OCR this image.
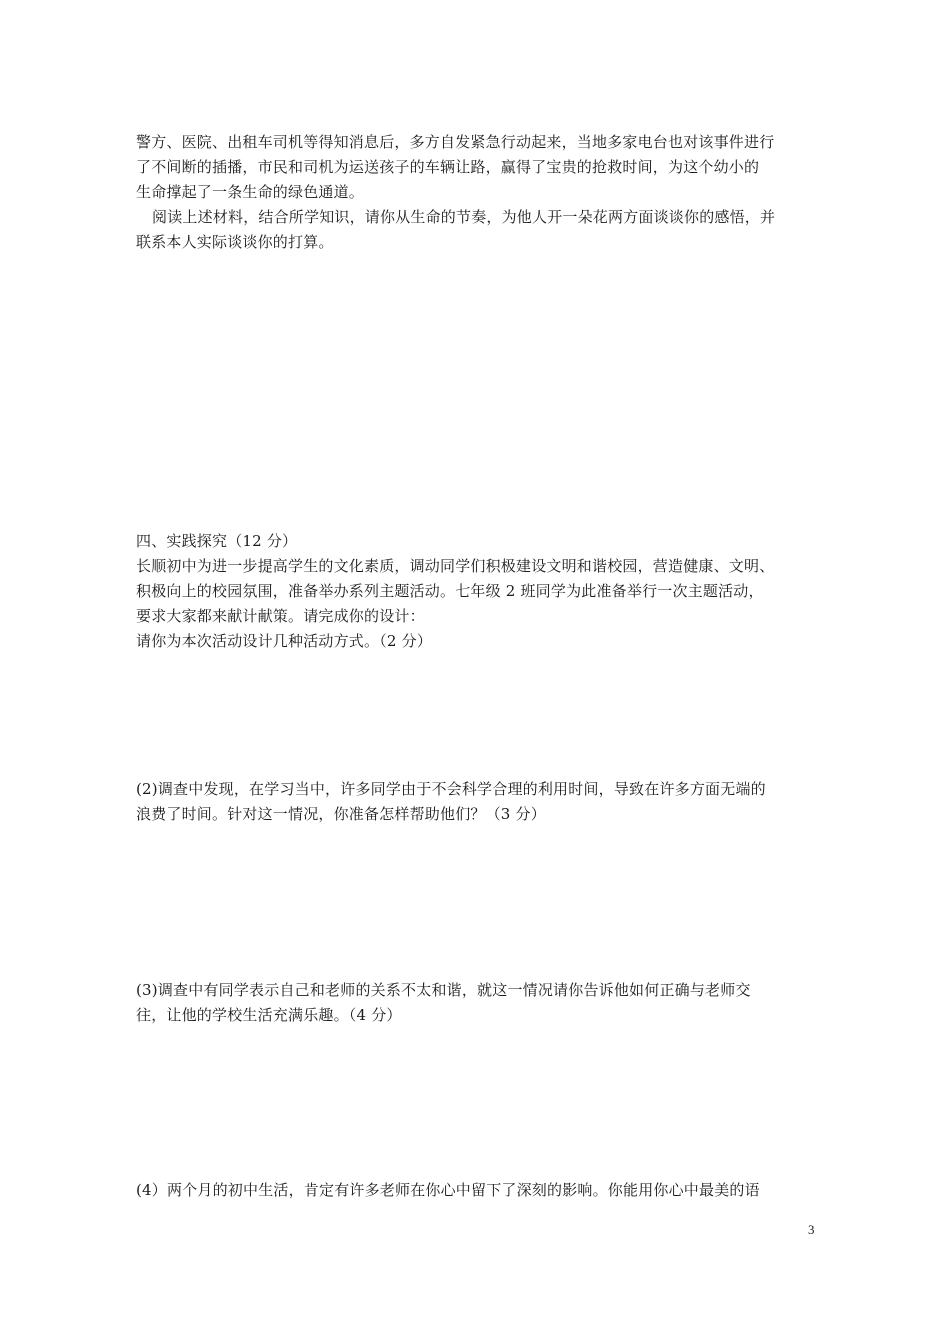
警方、医院、出租车司机等得知消息后，多方自发紧急行动起来，当地多家电台也对该事件进行
了不间断的插播，市民和司机为运送孩子的车辆让路，赢得了宝贵的抢救时间，为这个幼小的
生命撑起了一条生命的绿色通道。
阅读上述材料，结合所学知识，请你从生命的节奏，为他人开一朵花两方面谈谈你的感悟，并
联系本人实际谈谈你的打算。
四、实践探究（12 分）
长顺初中为进一步提高学生的文化素质，调动同学们积极建设文明和谐校园，营造健康、文明、
积极向上的校园氛围，准备举办系列主题活动。七年级 2 班同学为此准备举行一次主题活动，
要求大家都来献计献策。请完成你的设计：
请你为本次活动设计几种活动方式。（2 分）
(2)调查中发现，在学习当中，许多同学由于不会科学合理的利用时间，导致在许多方面无端的
浪费了时间。针对这一情况，你准备怎样帮助他们？（3 分）
(3)调查中有同学表示自己和老师的关系不太和谐，就这一情况请你告诉他如何正确与老师交
往，让他的学校生活充满乐趣。（4 分）
(4）两个月的初中生活，肯定有许多老师在你心中留下了深刻的影响。你能用你心中最美的语
3
